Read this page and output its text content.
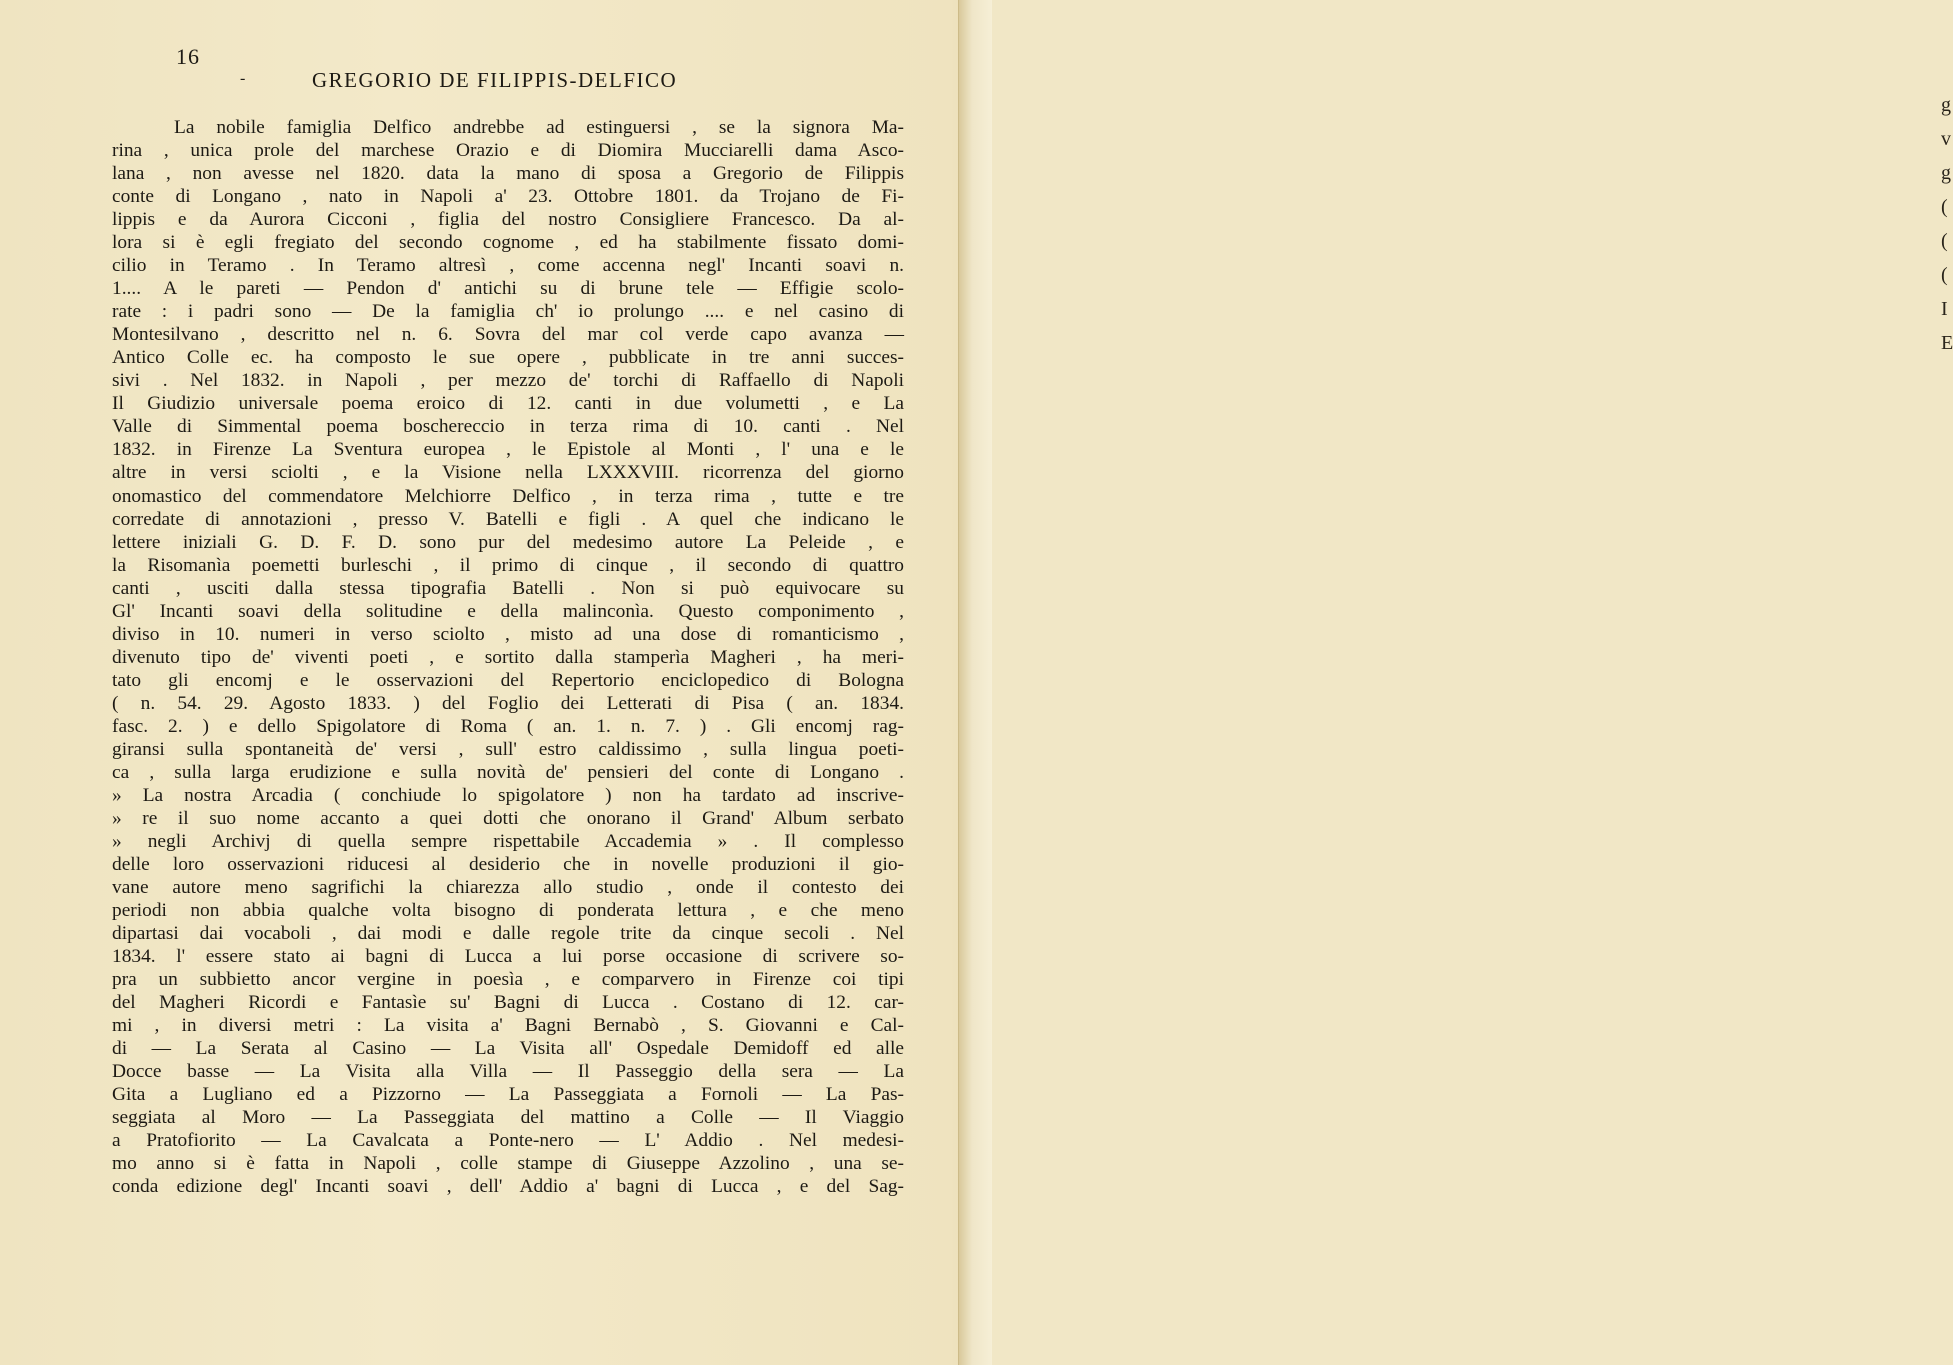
g
v
g
(
(
(
I
E
16
-	GREGORIO DE FILIPPIS-DELFICO
La nobile famiglia Delfico andrebbe ad estinguersi , se la signora Ma-
rina , unica prole del marchese Orazio e di Diomira Mucciarelli dama Asco-
lana , non avesse nel 1820. data la mano di sposa a Gregorio de Filippis
conte di Longano , nato in Napoli a' 23. Ottobre 1801. da Trojano de Fi-
lippis e da Aurora Cicconi , figlia del nostro Consigliere Francesco. Da al-
lora si è egli fregiato del secondo cognome , ed ha stabilmente fissato domi-
cilio in Teramo . In Teramo altresì , come accenna negl' Incanti soavi n.
1.... A le pareti — Pendon d' antichi su di brune tele — Effigie scolo-
rate : i padri sono — De la famiglia ch' io prolungo .... e nel casino di
Montesilvano , descritto nel n. 6. Sovra del mar col verde capo avanza —
Antico Colle ec. ha composto le sue opere , pubblicate in tre anni succes-
sivi . Nel 1832. in Napoli , per mezzo de' torchi di Raffaello di Napoli
Il Giudizio universale poema eroico di 12. canti in due volumetti , e La
Valle di Simmental poema boschereccio in terza rima di 10. canti . Nel
1832. in Firenze La Sventura europea , le Epistole al Monti , l' una e le
altre in versi sciolti , e la Visione nella LXXXVIII. ricorrenza del giorno
onomastico del commendatore Melchiorre Delfico , in terza rima , tutte e tre
corredate di annotazioni , presso V. Batelli e figli . A quel che indicano le
lettere iniziali G. D. F. D. sono pur del medesimo autore La Peleide , e
la Risomanìa poemetti burleschi , il primo di cinque , il secondo di quattro
canti , usciti dalla stessa tipografia Batelli . Non si può equivocare su
Gl' Incanti soavi della solitudine e della malinconìa. Questo componimento ,
diviso in 10. numeri in verso sciolto , misto ad una dose di romanticismo ,
divenuto tipo de' viventi poeti , e sortito dalla stamperìa Magheri , ha meri-
tato gli encomj e le osservazioni del Repertorio enciclopedico di Bologna
( n. 54. 29. Agosto 1833. ) del Foglio dei Letterati di Pisa ( an. 1834.
fasc. 2. ) e dello Spigolatore di Roma ( an. 1. n. 7. ) . Gli encomj rag-
giransi sulla spontaneità de' versi , sull' estro caldissimo , sulla lingua poeti-
ca , sulla larga erudizione e sulla novità de' pensieri del conte di Longano .
» La nostra Arcadia ( conchiude lo spigolatore ) non ha tardato ad inscrive-
» re il suo nome accanto a quei dotti che onorano il Grand' Album serbato
» negli Archivj di quella sempre rispettabile Accademia » . Il complesso
delle loro osservazioni riducesi al desiderio che in novelle produzioni il gio-
vane autore meno sagrifichi la chiarezza allo studio , onde il contesto dei
periodi non abbia qualche volta bisogno di ponderata lettura , e che meno
dipartasi dai vocaboli , dai modi e dalle regole trite da cinque secoli . Nel
1834. l' essere stato ai bagni di Lucca a lui porse occasione di scrivere so-
pra un subbietto ancor vergine in poesìa , e comparvero in Firenze coi tipi
del Magheri Ricordi e Fantasìe su' Bagni di Lucca . Costano di 12. car-
mi , in diversi metri : La visita a' Bagni Bernabò , S. Giovanni e Cal-
di — La Serata al Casino — La Visita all' Ospedale Demidoff ed alle
Docce basse — La Visita alla Villa — Il Passeggio della sera — La
Gita a Lugliano ed a Pizzorno — La Passeggiata a Fornoli — La Pas-
seggiata al Moro — La Passeggiata del mattino a Colle — Il Viaggio
a Pratofiorito — La Cavalcata a Ponte-nero — L' Addio . Nel medesi-
mo anno si è fatta in Napoli , colle stampe di Giuseppe Azzolino , una se-
conda edizione degl' Incanti soavi , dell' Addio a' bagni di Lucca , e del Sag-
